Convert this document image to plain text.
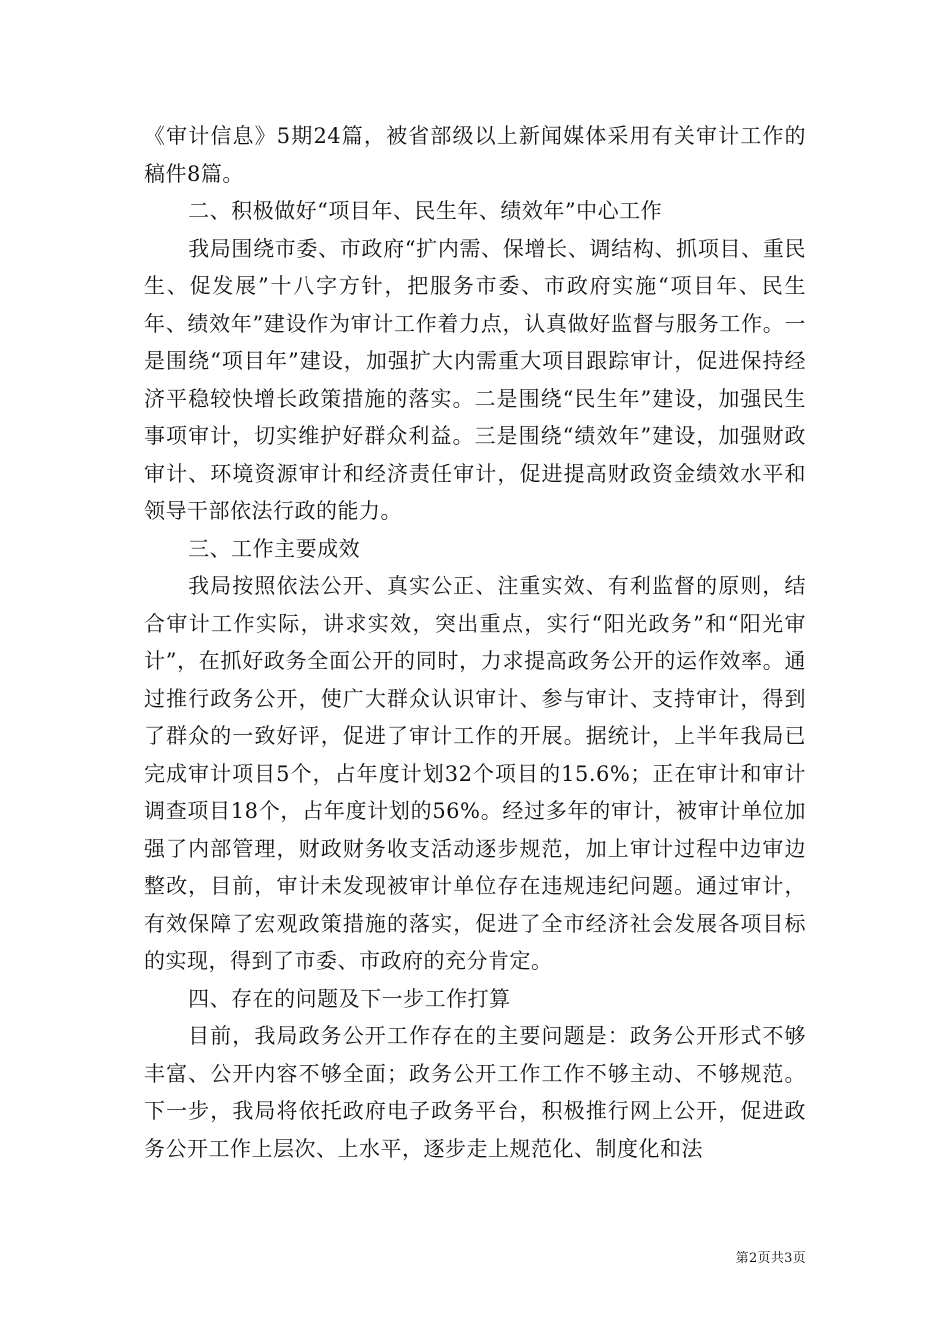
《审计信息》5期24篇，被省部级以上新闻媒体采用有关审计工作的稿件8篇。

二、积极做好“项目年、民生年、绩效年”中心工作

我局围绕市委、市政府“扩内需、保增长、调结构、抓项目、重民生、促发展”十八字方针，把服务市委、市政府实施“项目年、民生年、绩效年”建设作为审计工作着力点，认真做好监督与服务工作。一是围绕“项目年”建设，加强扩大内需重大项目跟踪审计，促进保持经济平稳较快增长政策措施的落实。二是围绕“民生年”建设，加强民生事项审计，切实维护好群众利益。三是围绕“绩效年”建设，加强财政审计、环境资源审计和经济责任审计，促进提高财政资金绩效水平和领导干部依法行政的能力。

三、工作主要成效

我局按照依法公开、真实公正、注重实效、有利监督的原则，结合审计工作实际，讲求实效，突出重点，实行“阳光政务”和“阳光审计”，在抓好政务全面公开的同时，力求提高政务公开的运作效率。通过推行政务公开，使广大群众认识审计、参与审计、支持审计，得到了群众的一致好评，促进了审计工作的开展。据统计，上半年我局已完成审计项目5个，占年度计划32个项目的15.6%；正在审计和审计调查项目18个，占年度计划的56%。经过多年的审计，被审计单位加强了内部管理，财政财务收支活动逐步规范，加上审计过程中边审边整改，目前，审计未发现被审计单位存在违规违纪问题。通过审计，有效保障了宏观政策措施的落实，促进了全市经济社会发展各项目标的实现，得到了市委、市政府的充分肯定。

四、存在的问题及下一步工作打算

目前，我局政务公开工作存在的主要问题是：政务公开形式不够丰富、公开内容不够全面；政务公开工作工作不够主动、不够规范。下一步，我局将依托政府电子政务平台，积极推行网上公开，促进政务公开工作上层次、上水平，逐步走上规范化、制度化和法

第2页共3页
